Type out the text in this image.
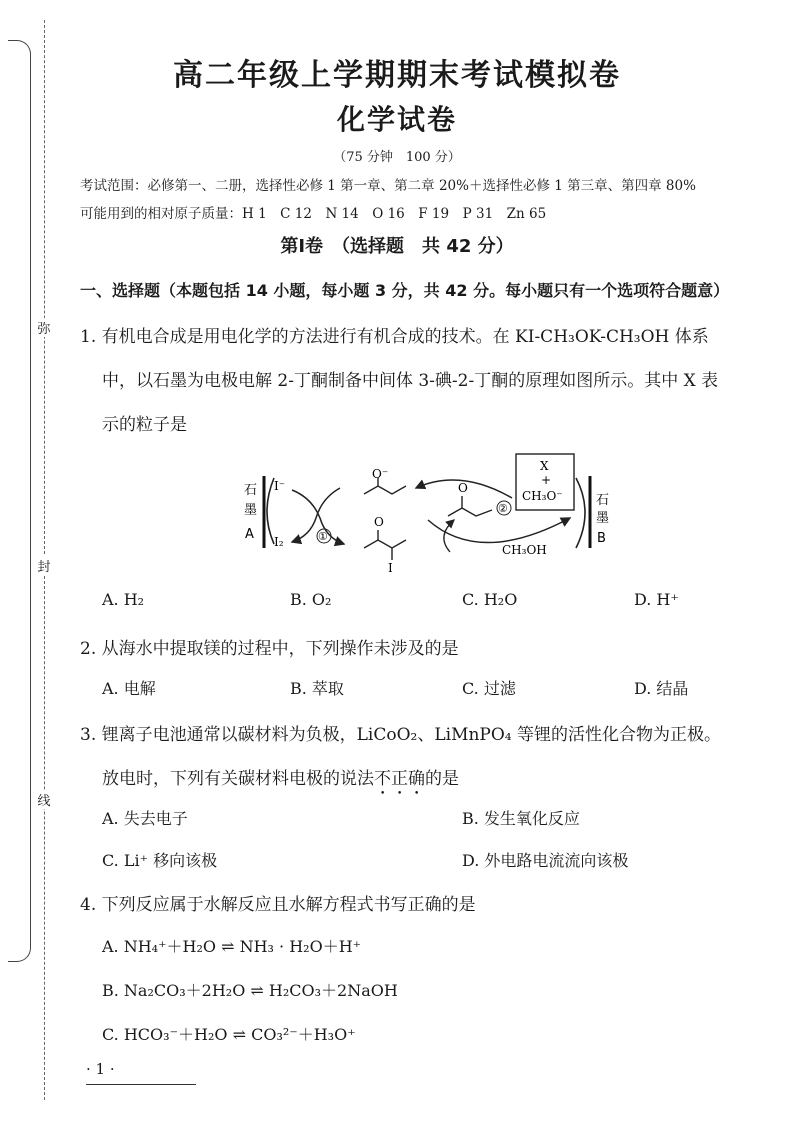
弥
封
线
高二年级上学期期末考试模拟卷
化学试卷
（75 分钟　100 分）
考试范围：必修第一、二册，选择性必修 1 第一章、第二章 20%＋选择性必修 1 第三章、第四章 80%
可能用到的相对原子质量：H 1　C 12　N 14　O 16　F 19　P 31　Zn 65
第Ⅰ卷　（选择题　共 42 分）
一、选择题（本题包括 14 小题，每小题 3 分，共 42 分。每小题只有一个选项符合题意）
1. 有机电合成是用电化学的方法进行有机合成的技术。在 KI-CH₃OK-CH₃OH 体系
中，以石墨为电极电解 2-丁酮制备中间体 3-碘-2-丁酮的原理如图所示。其中 X 表
示的粒子是
石
墨
A
I⁻
I₂	①
O⁻
O
I
O
②
X
+
CH₃O⁻
CH₃OH
石
墨
B
A. H₂	B. O₂	C. H₂O	D. H⁺
2. 从海水中提取镁的过程中，下列操作未涉及的是
A. 电解	B. 萃取	C. 过滤	D. 结晶
3. 锂离子电池通常以碳材料为负极，LiCoO₂、LiMnPO₄ 等锂的活性化合物为正极。
放电时，下列有关碳材料电极的说法不正确的是
A. 失去电子	B. 发生氧化反应
C. Li⁺ 移向该极	D. 外电路电流流向该极
4. 下列反应属于水解反应且水解方程式书写正确的是
A. NH₄⁺＋H₂O ⇌ NH₃ · H₂O＋H⁺
B. Na₂CO₃＋2H₂O ⇌ H₂CO₃＋2NaOH
C. HCO₃⁻＋H₂O ⇌ CO₃²⁻＋H₃O⁺
· 1 ·
